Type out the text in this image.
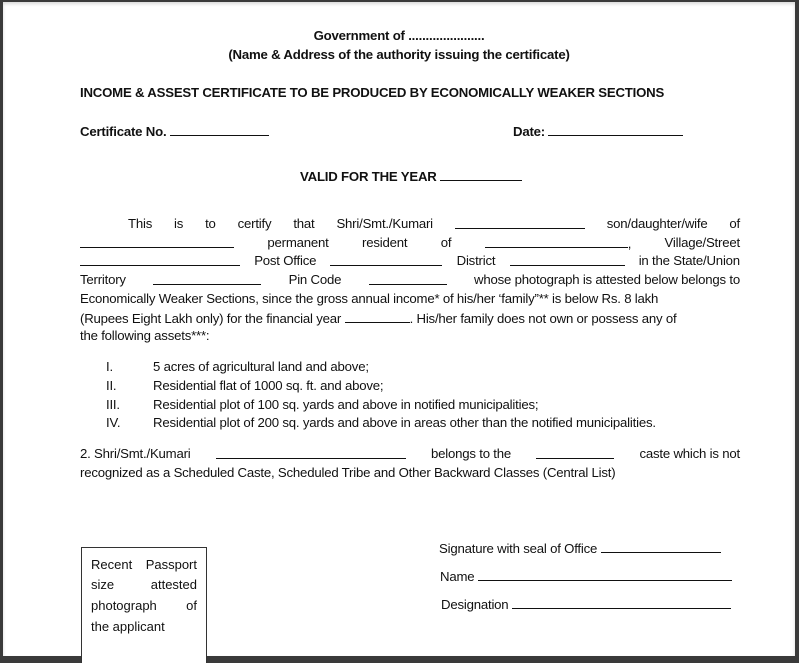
Government of ......................
(Name & Address of the authority issuing the certificate)
INCOME & ASSEST CERTIFICATE TO BE PRODUCED BY ECONOMICALLY WEAKER SECTIONS
Certificate No.	Date:
VALID FOR THE YEAR
This is to certify that Shri/Smt./Kumari	son/daughter/wife of
permanent	resident	of	,	Village/Street
Post Office	District	in the State/Union
Territory	Pin Code	whose photograph is attested below belongs to
Economically Weaker Sections, since the gross annual income* of his/her ‘family”** is below Rs. 8 lakh
(Rupees Eight Lakh only) for the financial year	. His/her family does not own or possess any of
the following assets***:
I.	5 acres of agricultural land and above;
II.	Residential flat of 1000 sq. ft. and above;
III.	Residential plot of 100 sq. yards and above in notified municipalities;
IV. Residential plot of 200 sq. yards and above in areas other than the notified municipalities.
2. Shri/Smt./Kumari	belongs to the	caste which is not
recognized as a Scheduled Caste, Scheduled Tribe and Other Backward Classes (Central List)
Recent Passport
size	attested
photograph of
the applicant
Signature with seal of Office
Name
Designation
